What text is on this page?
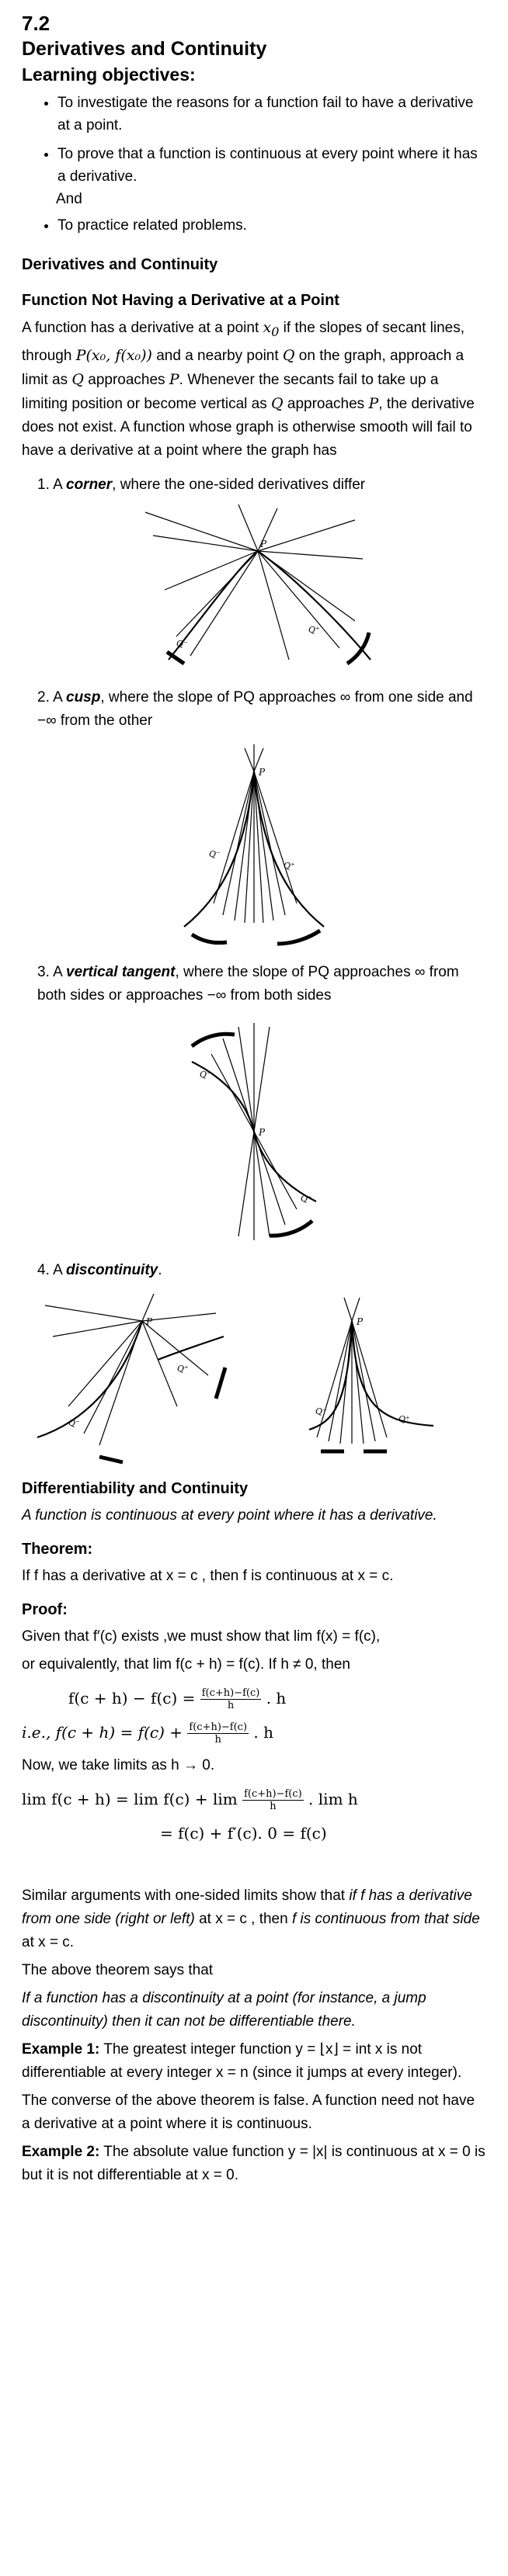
7.2
Derivatives and Continuity
Learning objectives:
• To investigate the reasons for a function fail to have a derivative at a point.
• To prove that a function is continuous at every point where it has a derivative.
And
• To practice related problems.
Derivatives and Continuity
Function Not Having a Derivative at a Point

A function has a derivative at a point $x_0$ if the slopes of secant lines, through P(x₀, f(x₀)) and a nearby point Q on the graph, approach a limit as Q approaches P. Whenever the secants fail to take up a limiting position or become vertical as Q approaches P, the derivative does not exist. A function whose graph is otherwise smooth will fail to have a derivative at a point where the graph has

1. A corner, where the one-sided derivatives differ
P
Q⁻
Q⁺
2. A cusp, where the slope of PQ approaches ∞ from one side and −∞ from the other
P
Q⁻
Q⁺
3. A vertical tangent, where the slope of PQ approaches ∞ from both sides or approaches −∞ from both sides
P
Q⁻
Q⁺
4. A discontinuity.
P
Q⁻
Q⁺
P
Q⁻
Q⁺
Differentiability and Continuity

A function is continuous at every point where it has a derivative.

Theorem:

If f has a derivative at x = c , then f is continuous at x = c.

Proof:

Given that f′(c) exists ,we must show that lim f(x) = f(c),

or equivalently, that lim f(c + h) = f(c). If h ≠ 0, then

$f(c + h) - f(c) = \frac{f(c+h)-f(c)}{h}$ . h
i.e., $f(c + h) = f(c) + \frac{f(c+h)-f(c)}{h}$ . h

Now, we take limits as h → 0.

$\lim f(c + h) = \lim f(c) + \lim \frac{f(c+h)-f(c)}{h}$ . lim h
= f(c) + f′(c). 0 = f(c)

Similar arguments with one-sided limits show that if f has a derivative from one side (right or left) at x = c , then f is continuous from that side at x = c.

The above theorem says that

If a function has a discontinuity at a point (for instance, a jump discontinuity) then it can not be differentiable there.

Example 1: The greatest integer function y = ⌊x⌋ = int x is not differentiable at every integer x = n (since it jumps at every integer).

The converse of the above theorem is false. A function need not have a derivative at a point where it is continuous.

Example 2: The absolute value function y = |x| is continuous at x = 0 is but it is not differentiable at x = 0.
